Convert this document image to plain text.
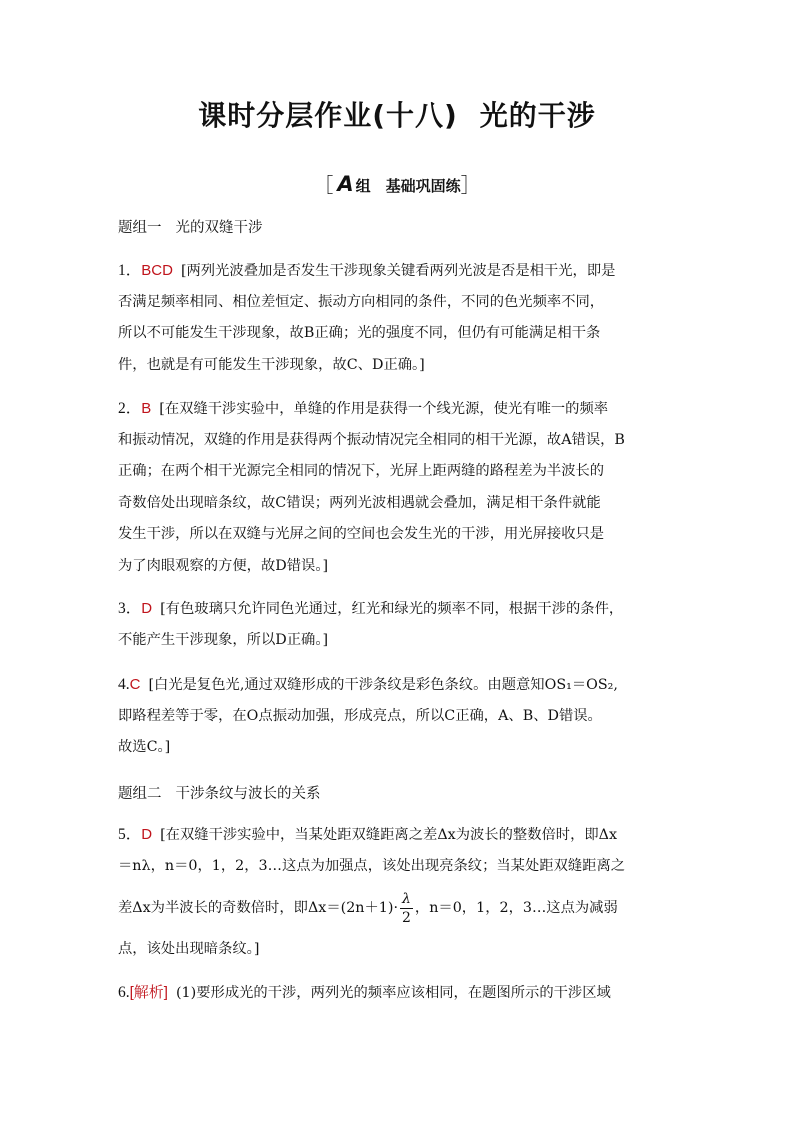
课时分层作业(十八) 光的干涉
［ A 组　基础巩固练］
题组一 光的双缝干涉
1．BCD [两列光波叠加是否发生干涉现象关键看两列光波是否是相干光，即是
否满足频率相同、相位差恒定、振动方向相同的条件，不同的色光频率不同，
所以不可能发生干涉现象，故B正确；光的强度不同，但仍有可能满足相干条
件，也就是有可能发生干涉现象，故C、D正确。]
2．B [在双缝干涉实验中，单缝的作用是获得一个线光源，使光有唯一的频率
和振动情况，双缝的作用是获得两个振动情况完全相同的相干光源，故A错误，B
正确；在两个相干光源完全相同的情况下，光屏上距两缝的路程差为半波长的
奇数倍处出现暗条纹，故C错误；两列光波相遇就会叠加，满足相干条件就能
发生干涉，所以在双缝与光屏之间的空间也会发生光的干涉，用光屏接收只是
为了肉眼观察的方便，故D错误。]
3．D [有色玻璃只允许同色光通过，红光和绿光的频率不同，根据干涉的条件，
不能产生干涉现象，所以D正确。]
4.C [白光是复色光,通过双缝形成的干涉条纹是彩色条纹。由题意知OS₁＝OS₂,
即路程差等于零，在O点振动加强，形成亮点，所以C正确，A、B、D错误。
故选C。]
题组二 干涉条纹与波长的关系
5．D [在双缝干涉实验中，当某处距双缝距离之差Δx为波长的整数倍时，即Δx
＝nλ，n＝0，1，2，3…这点为加强点，该处出现亮条纹；当某处距双缝距离之
差Δx为半波长的奇数倍时，即$\Delta x=(2n+1)\cdot \frac{\lambda}{2}$ ，n＝0，1，2，3…这点为减弱
点，该处出现暗条纹。]
6.[解析] (1)要形成光的干涉，两列光的频率应该相同，在题图所示的干涉区域
